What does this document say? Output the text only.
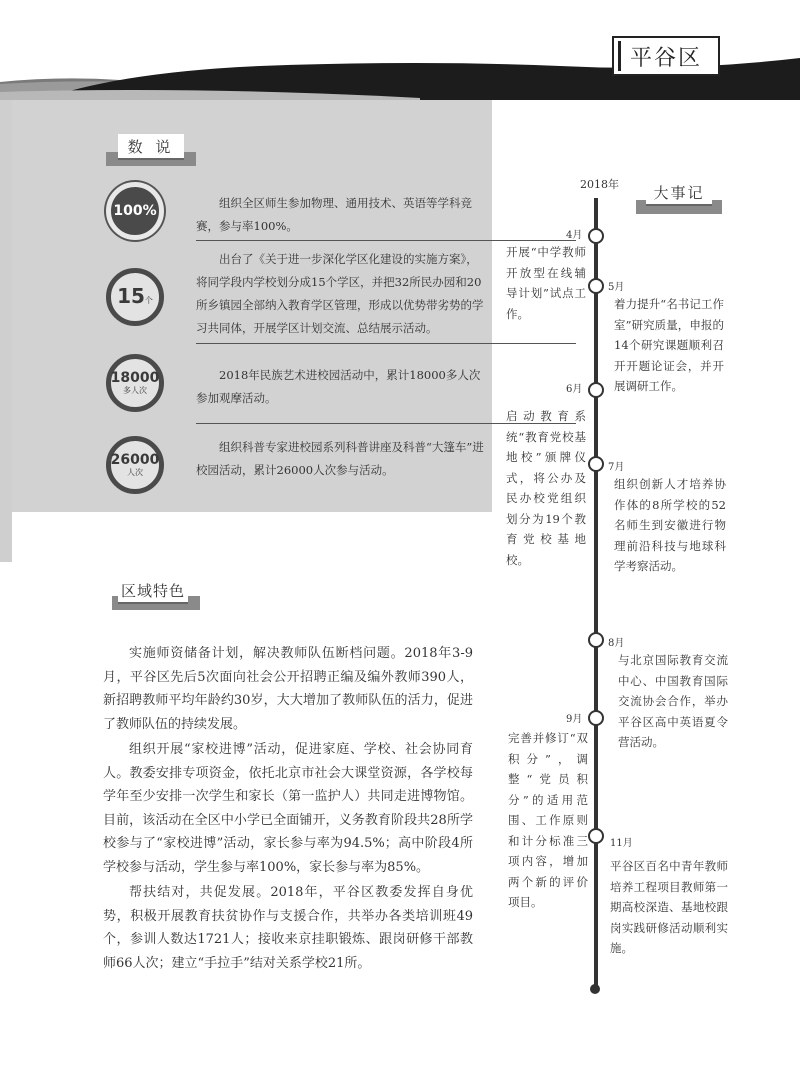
平谷区
数 说
100%	组织全区师生参加物理、通用技术、英语等学科竞赛，参与率100%。
15 个
出台了《关于进一步深化学区化建设的实施方案》，将同学段内学校划分成15个学区，并把32所民办园和20所乡镇园全部纳入教育学区管理，形成以优势带劣势的学习共同体，开展学区计划交流、总结展示活动。
18000
多人次
2018年民族艺术进校园活动中，累计18000多人次参加观摩活动。
26000
人次
组织科普专家进校园系列科普讲座及科普“大篷车”进校园活动，累计26000人次参与活动。
区域特色

实施师资储备计划，解决教师队伍断档问题。2018年3-9月，平谷区先后5次面向社会公开招聘正编及编外教师390人，新招聘教师平均年龄约30岁，大大增加了教师队伍的活力，促进了教师队伍的持续发展。

组织开展“家校进博”活动，促进家庭、学校、社会协同育人。教委安排专项资金，依托北京市社会大课堂资源，各学校每学年至少安排一次学生和家长（第一监护人）共同走进博物馆。目前，该活动在全区中小学已全面铺开，义务教育阶段共28所学校参与了“家校进博”活动，家长参与率为94.5%；高中阶段4所学校参与活动，学生参与率100%，家长参与率为85%。

帮扶结对，共促发展。2018年，平谷区教委发挥自身优势，积极开展教育扶贫协作与支援合作，共举办各类培训班49个，参训人数达1721人；接收来京挂职锻炼、跟岗研修干部教师66人次；建立“手拉手”结对关系学校21所。

2018年	大事记
4月
开展“中学教师开放型在线辅导计划”试点工作。
5月
着力提升“名书记工作室”研究质量，申报的14个研究课题顺利召开开题论证会，并开展调研工作。
6月
启动教育系统“教育党校基地校”颁牌仪式，将公办及民办校党组织划分为19个教育党校基地校。
7月
组织创新人才培养协作体的8所学校的52名师生到安徽进行物理前沿科技与地球科学考察活动。
8月
与北京国际教育交流中心、中国教育国际交流协会合作，举办平谷区高中英语夏令营活动。
9月
完善并修订“双积分”，调整“党员积分”的适用范围、工作原则和计分标准三项内容，增加两个新的评价项目。
11月
平谷区百名中青年教师培养工程项目教师第一期高校深造、基地校跟岗实践研修活动顺利实施。
